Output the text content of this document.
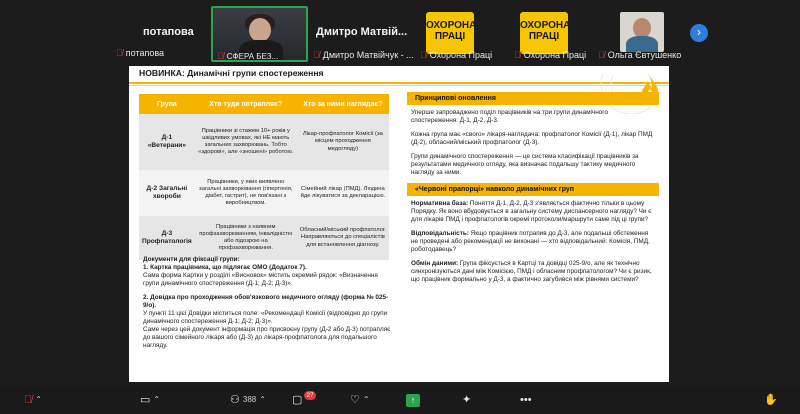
потапова
🎙̸ потапова	🎙̸ СФЕРА БЕЗ...
Дмитро Матвій...
🎙̸ Дмитро Матвійчук - ...
ОХОРОНА ПРАЦІ
🎙̸ Охорона Праці
ОХОРОНА ПРАЦІ
🎙̸ Охорона Праці 🎙̸ Ольга Євтушенко
›
НОВИНКА: Динамічні групи спостереження
Група	Хто туди потрапляє?	Хто за ними наглядає?
Д-1 «Ветерани»	Працівники зі стажем 10+ років у шкідливих умовах, які НЕ мають загальних захворювань. Тобто «здорові», але «зношені» роботою.	Лікар-профпатолог Комісії (за місцем проходження медогляду)
Д-2 Загальні хвороби	Працівники, у яких виявлено загальні захворювання (гіпертонія, діабет, гастрит), не пов'язані з виробництвом.	Сімейний лікар (ПМД). Людина йде лікуватися за декларацією.
Д-3 Профпатологія	Працівники з наявним профзахворюванням, інвалідністю або підозрою на профзахворювання.	Обласний/міський профпатолог. Направляються до спеціалістів для встановлення діагнозу.
Документи для фіксації групи:
1. Картка працівника, що підлягає ОМО (Додаток 7).
Сама форма Картки у розділі «Висновок» містить окремий рядок: «Визначення групи динамічного спостереження (Д-1; Д-2; Д-3)».
2. Довідка про проходження обов'язкового медичного огляду (форма № 025-9/о).
У пункті 11 цієї Довідки міститься поле: «Рекомендації Комісії (відповідно до групи динамічного спостереження Д-1; Д-2; Д-3)».
Саме через цей документ інформація про присвоєну групу (Д-2 або Д-3) потрапляє до вашого сімейного лікаря або (Д-3) до лікаря-профпатолога для подальшого нагляду.
Принципові оновлення

Уперше запроваджено поділ працівників на три групи динамічного спостереження: Д-1, Д-2, Д-3.

Кожна група має «свого» лікаря-наглядача: профпатолог Комісії (Д-1), лікар ПМД (Д-2), обласний/міський профпатолог (Д-3).

Групи динамічного спостереження — це система класифікації працівників за результатами медичного огляду, яка визначає подальшу тактику медичного нагляду за ними.

«Червоні прапорці» навколо динамічних груп

Нормативна база: Поняття Д-1, Д-2, Д-3 з'являється фактично тільки в цьому Порядку. Як воно вбудовується в загальну систему диспансерного нагляду? Чи є для лікарів ПМД і профпатологів окремі протоколи/маршрути саме під ці групи?

Відповідальність: Якщо працівник потрапив до Д-3, але подальші обстеження не проведені або рекомендації не виконані — хто відповідальний: Комісія, ПМД, роботодавець?

Обмін даними: Група фіксується в Картці та довідці 025-9/о, але як технічно синхронізуються дані між Комісією, ПМД і обласним профпатологом? Чи є ризик, що працівник формально у Д-3, а фактично загубився між рівнями системи?

🎙̸ ⌃	▭ ⌃	⚇ 388 ⌃ ▢ 27	♡ ⌃	↑	✦	•••	✋
